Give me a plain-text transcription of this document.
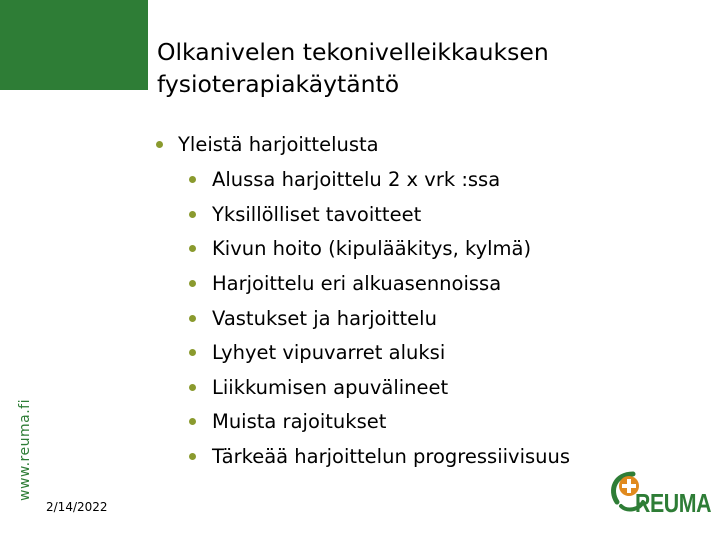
Olkanivelen tekonivelleikkauksen
fysioterapiakäytäntö
www.reuma.fi
Yleistä harjoittelusta
Alussa harjoittelu 2 x vrk :ssa
Yksillölliset tavoitteet
Kivun hoito (kipulääkitys, kylmä)
Harjoittelu eri alkuasennoissa
Vastukset ja harjoittelu
Lyhyet vipuvarret aluksi
Liikkumisen apuvälineet
Muista rajoitukset
Tärkeää harjoittelun progressiivisuus
2/14/2022	REUMA
